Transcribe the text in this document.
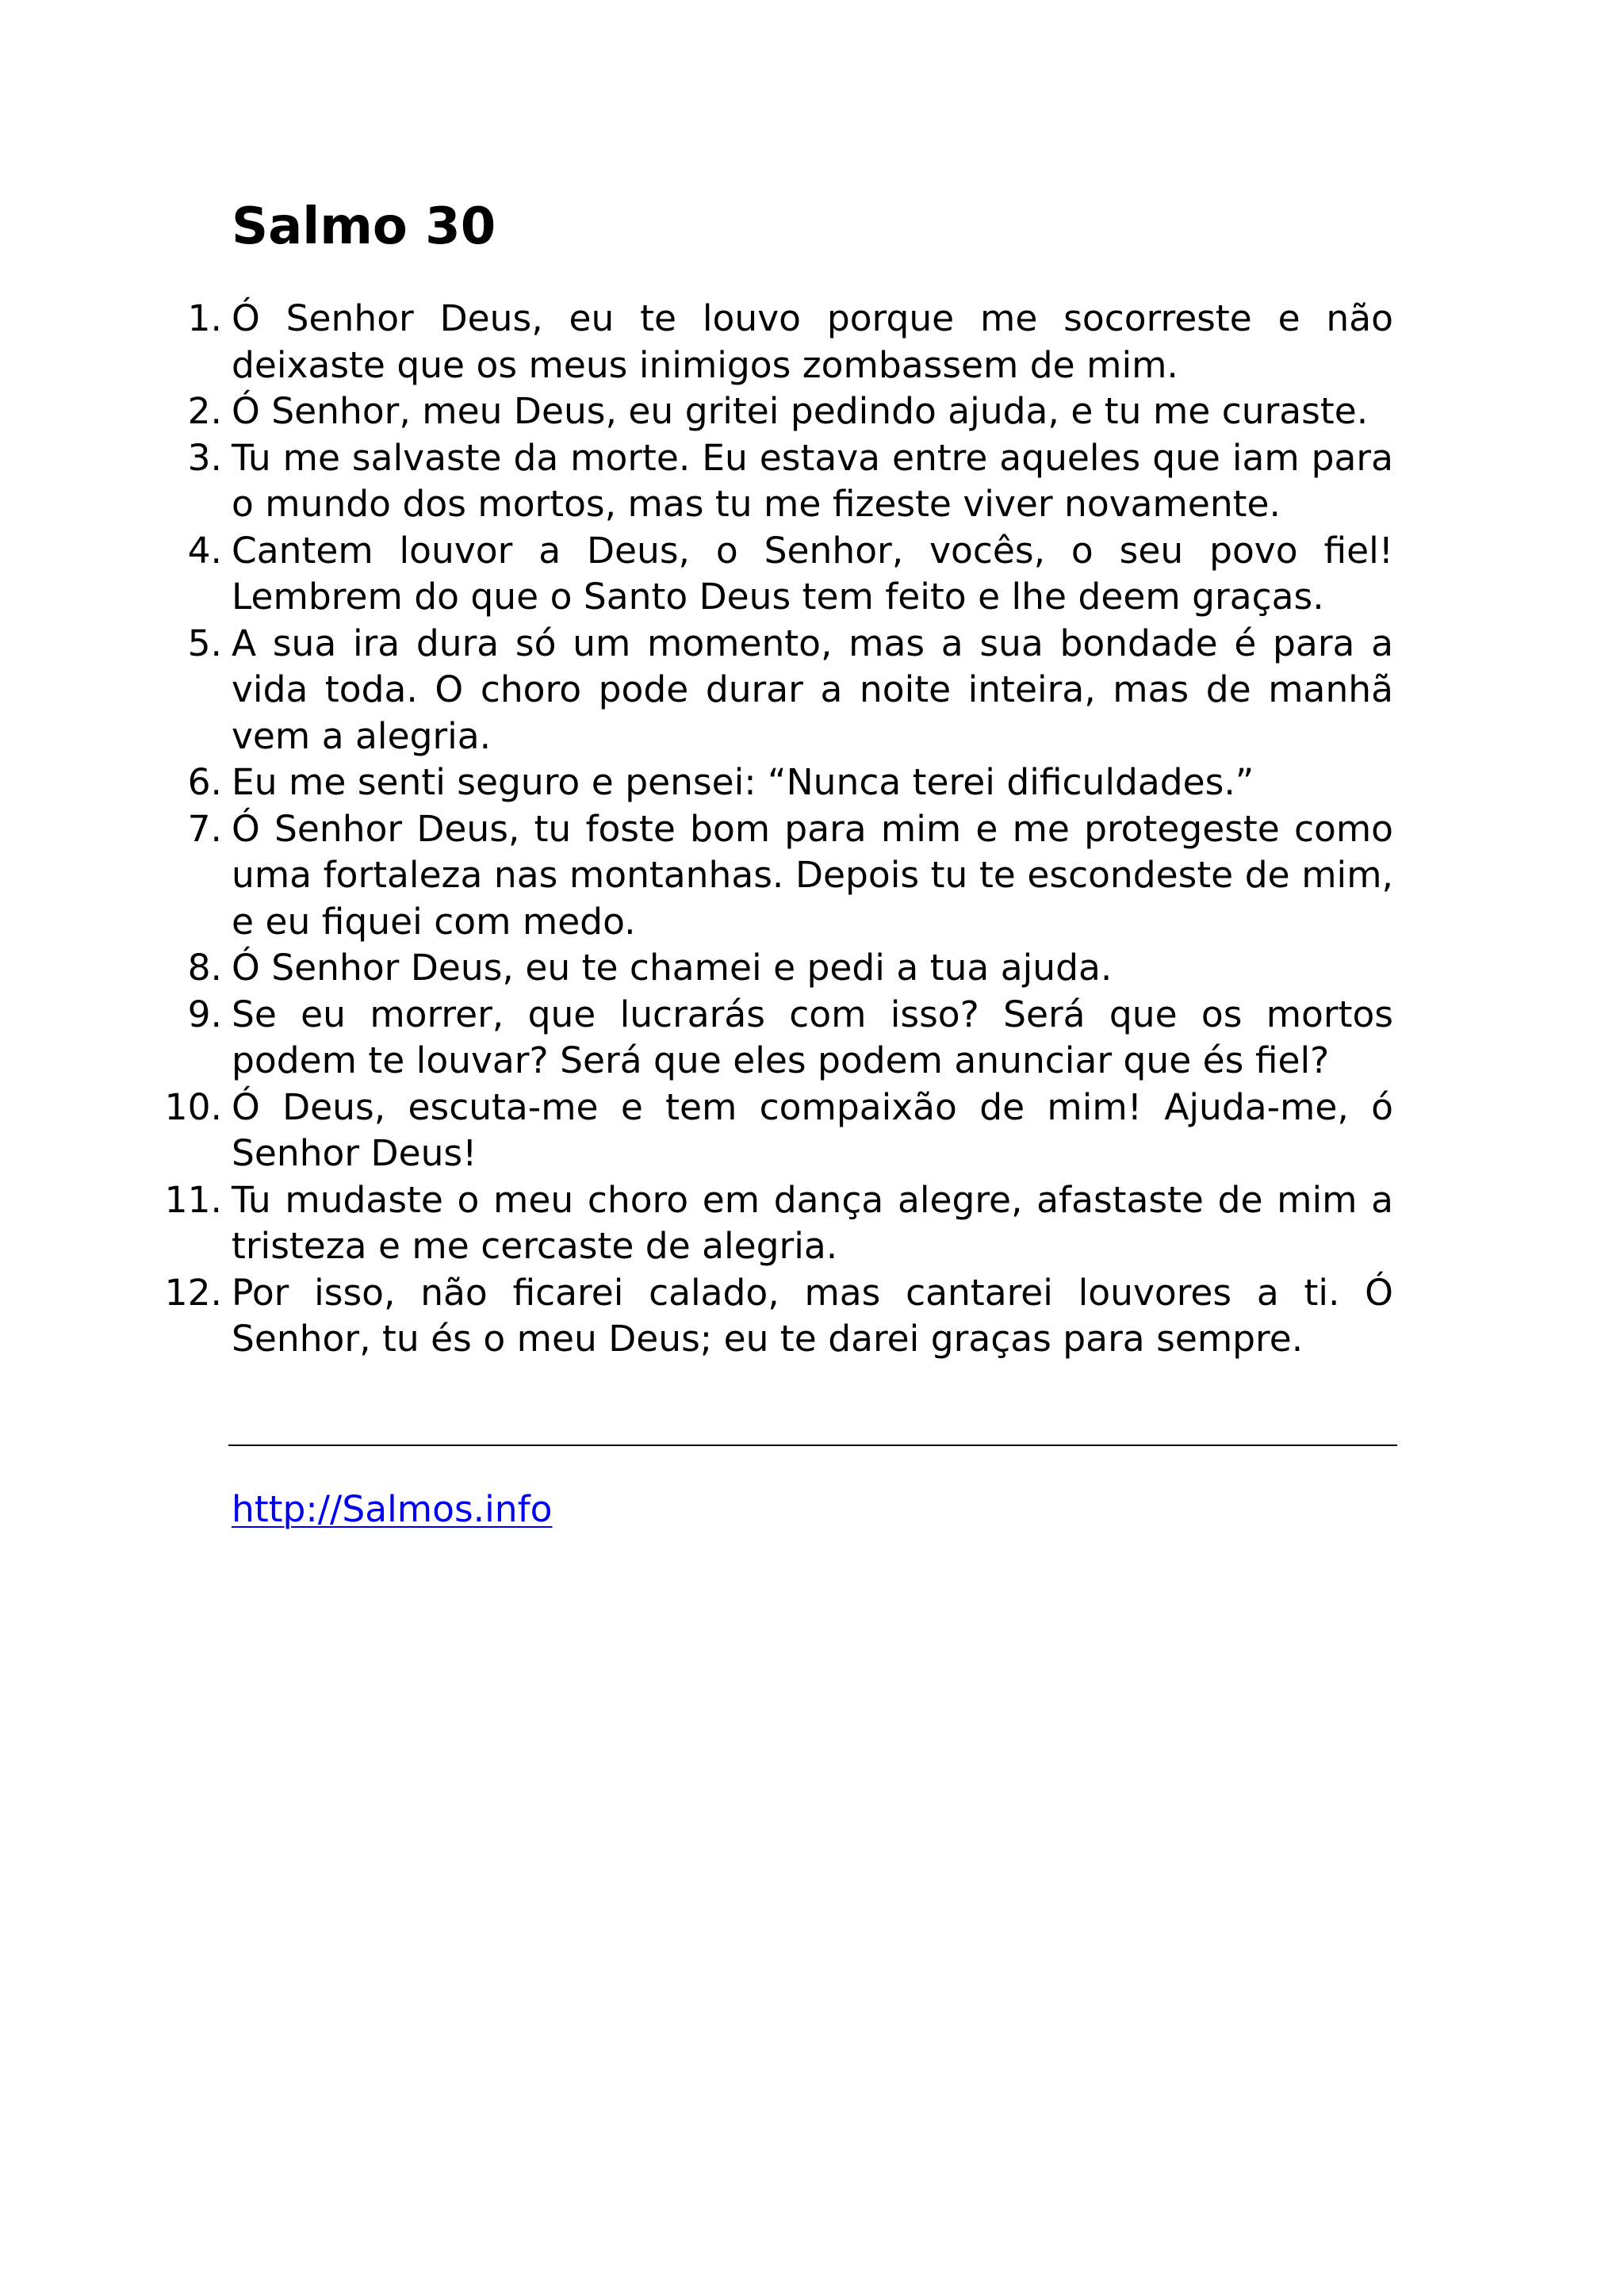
Salmo 30
1. Ó Senhor Deus, eu te louvo porque me socorreste e não deixaste que os meus inimigos zombassem de mim.
2. Ó Senhor, meu Deus, eu gritei pedindo ajuda, e tu me curaste.
3. Tu me salvaste da morte. Eu estava entre aqueles que iam para o mundo dos mortos, mas tu me fizeste viver novamente.
4. Cantem louvor a Deus, o Senhor, vocês, o seu povo fiel! Lembrem do que o Santo Deus tem feito e lhe deem graças.
5. A sua ira dura só um momento, mas a sua bondade é para a vida toda. O choro pode durar a noite inteira, mas de manhã vem a alegria.
6. Eu me senti seguro e pensei: “Nunca terei dificuldades.”
7. Ó Senhor Deus, tu foste bom para mim e me protegeste como uma fortaleza nas montanhas. Depois tu te escondeste de mim, e eu fiquei com medo.
8. Ó Senhor Deus, eu te chamei e pedi a tua ajuda.
9. Se eu morrer, que lucrarás com isso? Será que os mortos podem te louvar? Será que eles podem anunciar que és fiel?
10. Ó Deus, escuta-me e tem compaixão de mim! Ajuda-me, ó Senhor Deus!
11. Tu mudaste o meu choro em dança alegre, afastaste de mim a tristeza e me cercaste de alegria.
12. Por isso, não ficarei calado, mas cantarei louvores a ti. Ó Senhor, tu és o meu Deus; eu te darei graças para sempre.
http://Salmos.info
